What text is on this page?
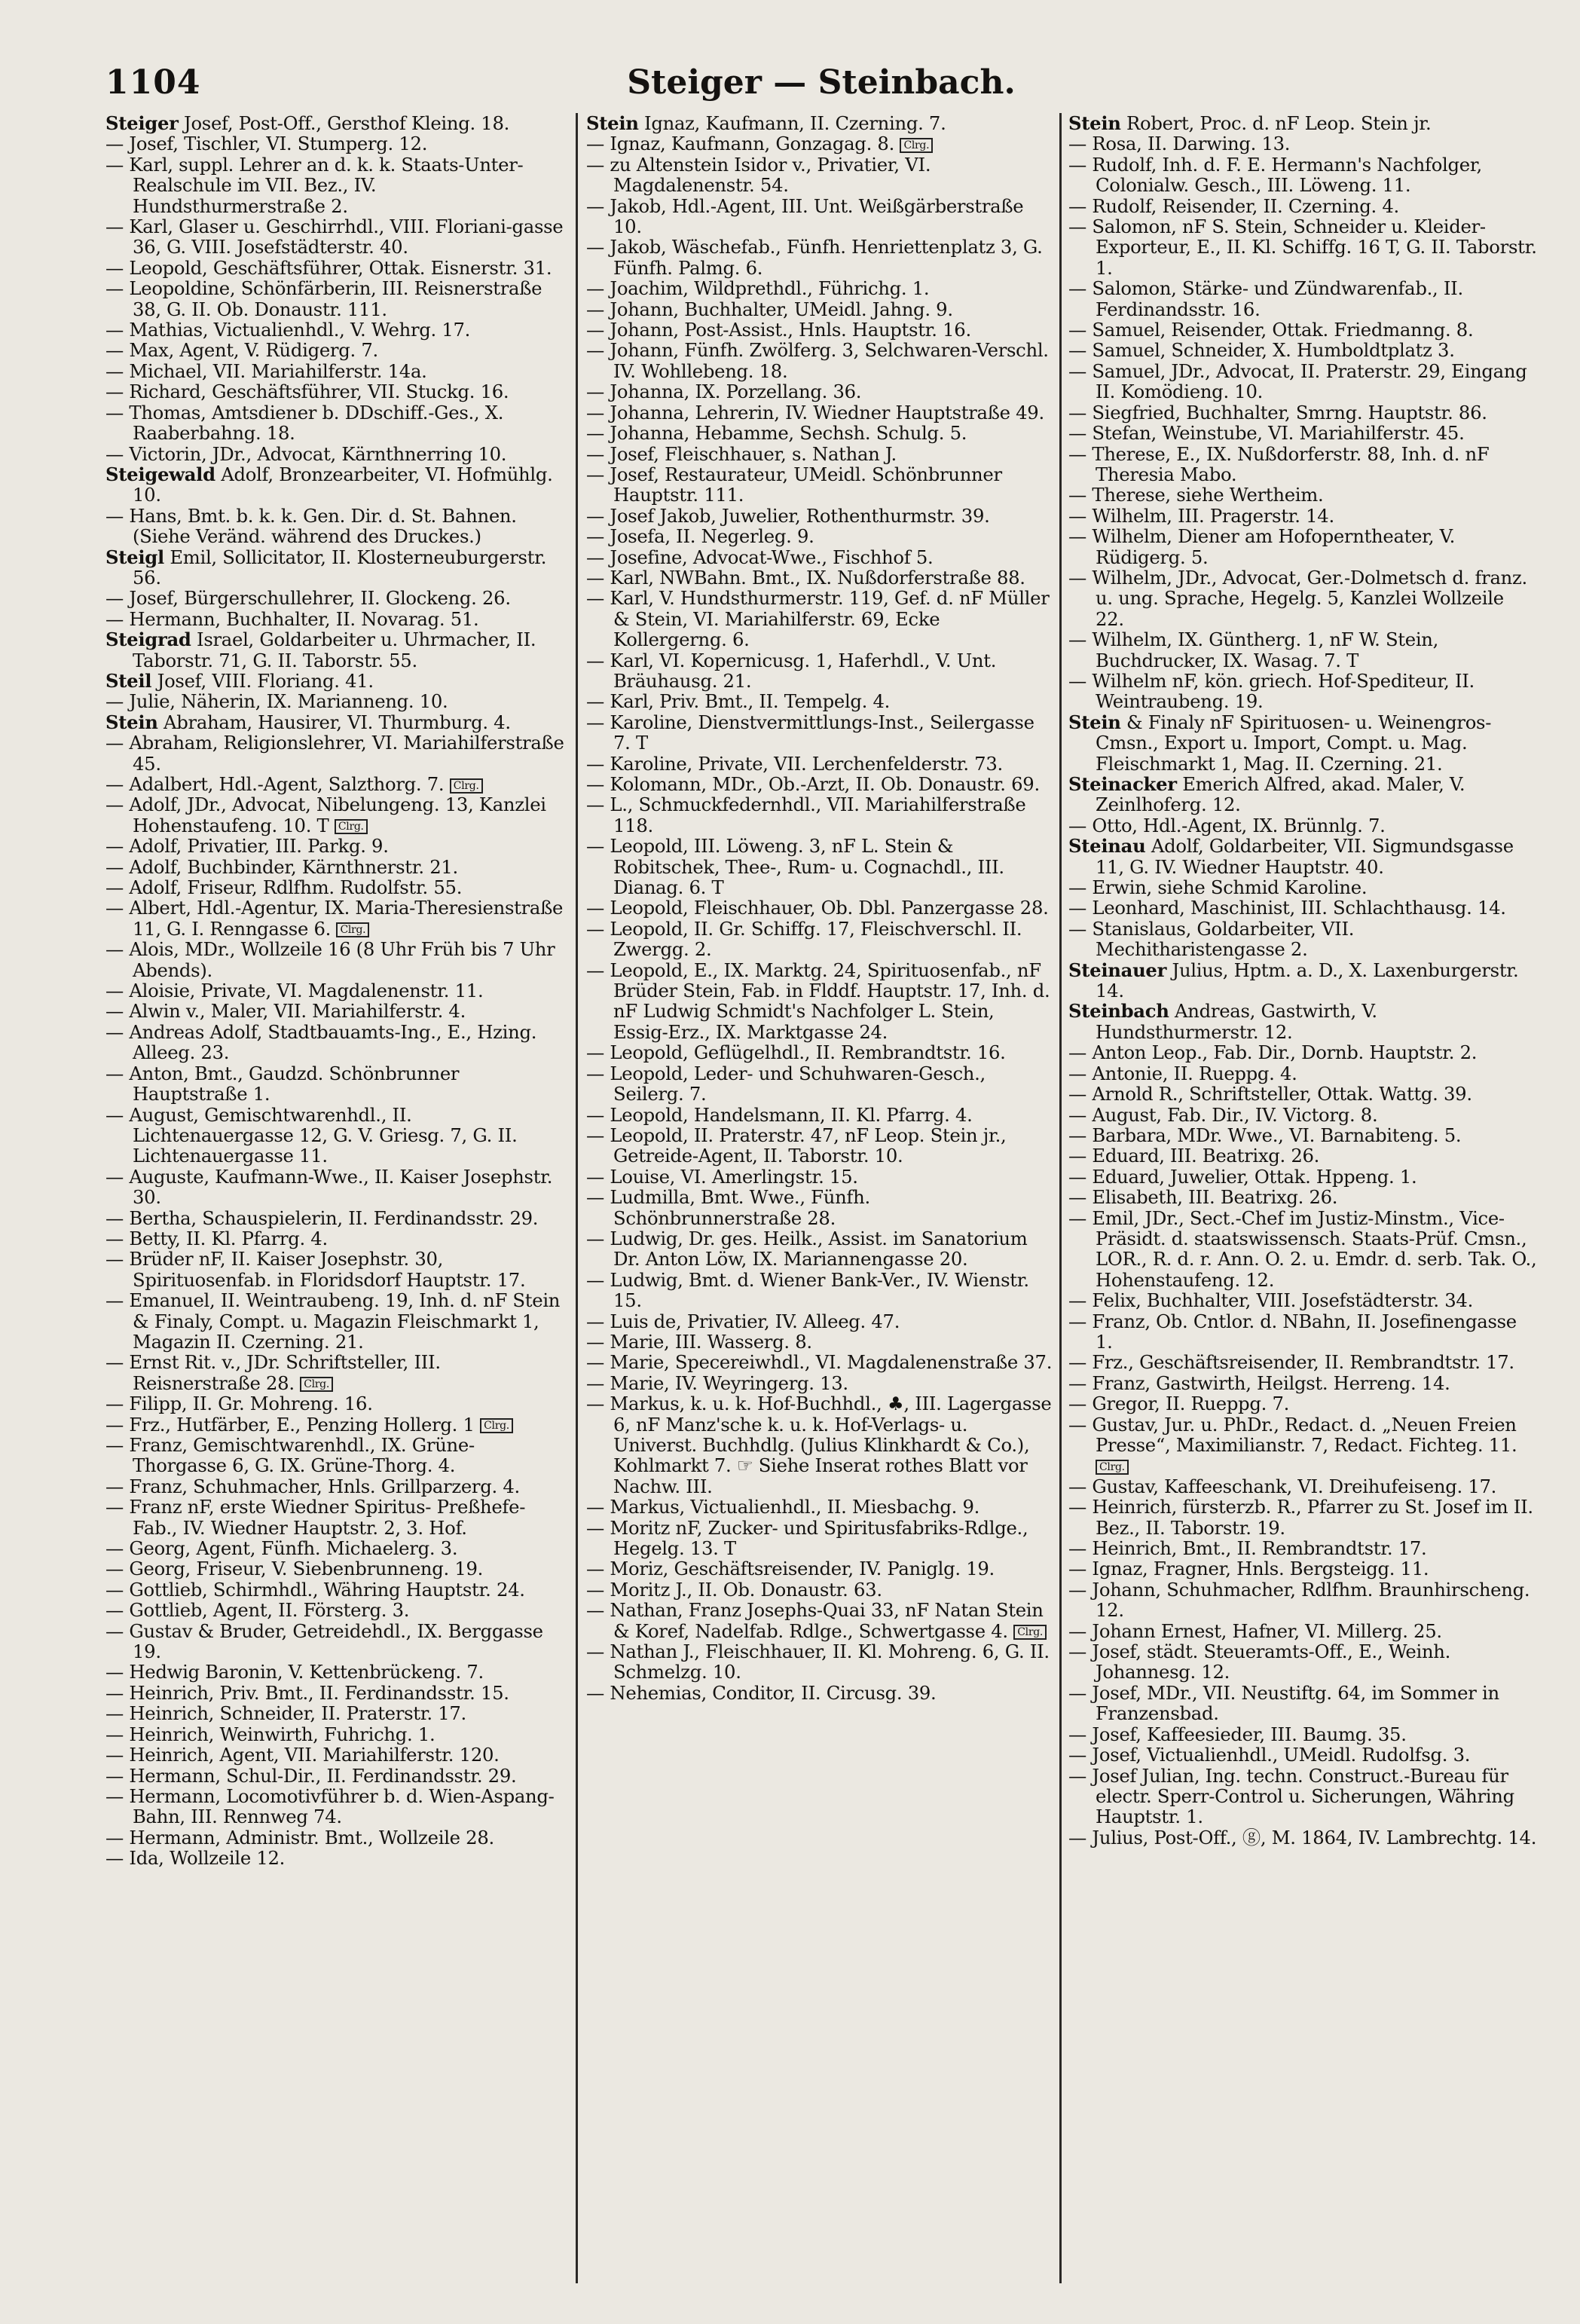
1104	Steiger — Steinbach.
Steiger Josef, Post-Off., Gersthof Kleing. 18.
— Josef, Tischler, VI. Stumperg. 12.
— Karl, suppl. Lehrer an d. k. k. Staats-Unter-Realschule im VII. Bez., IV. Hundsthurmerstraße 2.
— Karl, Glaser u. Geschirrhdl., VIII. Floriani-gasse 36, G. VIII. Josefstädterstr. 40.
— Leopold, Geschäftsführer, Ottak. Eisnerstr. 31.
— Leopoldine, Schönfärberin, III. Reisnerstraße 38, G. II. Ob. Donaustr. 111.
— Mathias, Victualienhdl., V. Wehrg. 17.
— Max, Agent, V. Rüdigerg. 7.
— Michael, VII. Mariahilferstr. 14a.
— Richard, Geschäftsführer, VII. Stuckg. 16.
— Thomas, Amtsdiener b. DDschiff.-Ges., X. Raaberbahng. 18.
— Victorin, JDr., Advocat, Kärnthnerring 10.
Steigewald Adolf, Bronzearbeiter, VI. Hofmühlg. 10.
— Hans, Bmt. b. k. k. Gen. Dir. d. St. Bahnen. (Siehe Veränd. während des Druckes.)
Steigl Emil, Sollicitator, II. Klosterneuburgerstr. 56.
— Josef, Bürgerschullehrer, II. Glockeng. 26.
— Hermann, Buchhalter, II. Novarag. 51.
Steigrad Israel, Goldarbeiter u. Uhrmacher, II. Taborstr. 71, G. II. Taborstr. 55.
Steil Josef, VIII. Floriang. 41.
— Julie, Näherin, IX. Marianneng. 10.
Stein Abraham, Hausirer, VI. Thurmburg. 4.
— Abraham, Religionslehrer, VI. Mariahilferstraße 45.
— Adalbert, Hdl.-Agent, Salzthorg. 7. Clrg.
— Adolf, JDr., Advocat, Nibelungeng. 13, Kanzlei Hohenstaufeng. 10. T Clrg.
— Adolf, Privatier, III. Parkg. 9.
— Adolf, Buchbinder, Kärnthnerstr. 21.
— Adolf, Friseur, Rdlfhm. Rudolfstr. 55.
— Albert, Hdl.-Agentur, IX. Maria-Theresienstraße 11, G. I. Renngasse 6. Clrg.
— Alois, MDr., Wollzeile 16 (8 Uhr Früh bis 7 Uhr Abends).
— Aloisie, Private, VI. Magdalenenstr. 11.
— Alwin v., Maler, VII. Mariahilferstr. 4.
— Andreas Adolf, Stadtbauamts-Ing., E., Hzing. Alleeg. 23.
— Anton, Bmt., Gaudzd. Schönbrunner Hauptstraße 1.
— August, Gemischtwarenhdl., II. Lichtenauergasse 12, G. V. Griesg. 7, G. II. Lichtenauergasse 11.
— Auguste, Kaufmann-Wwe., II. Kaiser Josephstr. 30.
— Bertha, Schauspielerin, II. Ferdinandsstr. 29.
— Betty, II. Kl. Pfarrg. 4.
— Brüder nF, II. Kaiser Josephstr. 30, Spirituosenfab. in Floridsdorf Hauptstr. 17.
— Emanuel, II. Weintraubeng. 19, Inh. d. nF Stein & Finaly, Compt. u. Magazin Fleischmarkt 1, Magazin II. Czerning. 21.
— Ernst Rit. v., JDr. Schriftsteller, III. Reisnerstraße 28. Clrg.
— Filipp, II. Gr. Mohreng. 16.
— Frz., Hutfärber, E., Penzing Hollerg. 1 Clrg.
— Franz, Gemischtwarenhdl., IX. Grüne-Thorgasse 6, G. IX. Grüne-Thorg. 4.
— Franz, Schuhmacher, Hnls. Grillparzerg. 4.
— Franz nF, erste Wiedner Spiritus- Preßhefe-Fab., IV. Wiedner Hauptstr. 2, 3. Hof.
— Georg, Agent, Fünfh. Michaelerg. 3.
— Georg, Friseur, V. Siebenbrunneng. 19.
— Gottlieb, Schirmhdl., Währing Hauptstr. 24.
— Gottlieb, Agent, II. Försterg. 3.
— Gustav & Bruder, Getreidehdl., IX. Berggasse 19.
— Hedwig Baronin, V. Kettenbrückeng. 7.
— Heinrich, Priv. Bmt., II. Ferdinandsstr. 15.
— Heinrich, Schneider, II. Praterstr. 17.
— Heinrich, Weinwirth, Fuhrichg. 1.
— Heinrich, Agent, VII. Mariahilferstr. 120.
— Hermann, Schul-Dir., II. Ferdinandsstr. 29.
— Hermann, Locomotivführer b. d. Wien-Aspang-Bahn, III. Rennweg 74.
— Hermann, Administr. Bmt., Wollzeile 28.
— Ida, Wollzeile 12.
Stein Ignaz, Kaufmann, II. Czerning. 7.
— Ignaz, Kaufmann, Gonzagag. 8. Clrg.
— zu Altenstein Isidor v., Privatier, VI. Magdalenenstr. 54.
— Jakob, Hdl.-Agent, III. Unt. Weißgärberstraße 10.
— Jakob, Wäschefab., Fünfh. Henriettenplatz 3, G. Fünfh. Palmg. 6.
— Joachim, Wildprethdl., Führichg. 1.
— Johann, Buchhalter, UMeidl. Jahng. 9.
— Johann, Post-Assist., Hnls. Hauptstr. 16.
— Johann, Fünfh. Zwölferg. 3, Selchwaren-Verschl. IV. Wohllebeng. 18.
— Johanna, IX. Porzellang. 36.
— Johanna, Lehrerin, IV. Wiedner Hauptstraße 49.
— Johanna, Hebamme, Sechsh. Schulg. 5.
— Josef, Fleischhauer, s. Nathan J.
— Josef, Restaurateur, UMeidl. Schönbrunner Hauptstr. 111.
— Josef Jakob, Juwelier, Rothenthurmstr. 39.
— Josefa, II. Negerleg. 9.
— Josefine, Advocat-Wwe., Fischhof 5.
— Karl, NWBahn. Bmt., IX. Nußdorferstraße 88.
— Karl, V. Hundsthurmerstr. 119, Gef. d. nF Müller & Stein, VI. Mariahilferstr. 69, Ecke Kollergerng. 6.
— Karl, VI. Kopernicusg. 1, Haferhdl., V. Unt. Bräuhausg. 21.
— Karl, Priv. Bmt., II. Tempelg. 4.
— Karoline, Dienstvermittlungs-Inst., Seilergasse 7. T
— Karoline, Private, VII. Lerchenfelderstr. 73.
— Kolomann, MDr., Ob.-Arzt, II. Ob. Donaustr. 69.
— L., Schmuckfedernhdl., VII. Mariahilferstraße 118.
— Leopold, III. Löweng. 3, nF L. Stein & Robitschek, Thee-, Rum- u. Cognachdl., III. Dianag. 6. T
— Leopold, Fleischhauer, Ob. Dbl. Panzergasse 28.
— Leopold, II. Gr. Schiffg. 17, Fleischverschl. II. Zwergg. 2.
— Leopold, E., IX. Marktg. 24, Spirituosenfab., nF Brüder Stein, Fab. in Flddf. Hauptstr. 17, Inh. d. nF Ludwig Schmidt's Nachfolger L. Stein, Essig-Erz., IX. Marktgasse 24.
— Leopold, Geflügelhdl., II. Rembrandtstr. 16.
— Leopold, Leder- und Schuhwaren-Gesch., Seilerg. 7.
— Leopold, Handelsmann, II. Kl. Pfarrg. 4.
— Leopold, II. Praterstr. 47, nF Leop. Stein jr., Getreide-Agent, II. Taborstr. 10.
— Louise, VI. Amerlingstr. 15.
— Ludmilla, Bmt. Wwe., Fünfh. Schönbrunnerstraße 28.
— Ludwig, Dr. ges. Heilk., Assist. im Sanatorium Dr. Anton Löw, IX. Mariannengasse 20.
— Ludwig, Bmt. d. Wiener Bank-Ver., IV. Wienstr. 15.
— Luis de, Privatier, IV. Alleeg. 47.
— Marie, III. Wasserg. 8.
— Marie, Specereiwhdl., VI. Magdalenenstraße 37.
— Marie, IV. Weyringerg. 13.
— Markus, k. u. k. Hof-Buchhdl., ♣, III. Lagergasse 6, nF Manz'sche k. u. k. Hof-Verlags- u. Universt. Buchhdlg. (Julius Klinkhardt & Co.), Kohlmarkt 7. ☞ Siehe Inserat rothes Blatt vor Nachw. III.
— Markus, Victualienhdl., II. Miesbachg. 9.
— Moritz nF, Zucker- und Spiritusfabriks-Rdlge., Hegelg. 13. T
— Moriz, Geschäftsreisender, IV. Paniglg. 19.
— Moritz J., II. Ob. Donaustr. 63.
— Nathan, Franz Josephs-Quai 33, nF Natan Stein & Koref, Nadelfab. Rdlge., Schwertgasse 4. Clrg.
— Nathan J., Fleischhauer, II. Kl. Mohreng. 6, G. II. Schmelzg. 10.
— Nehemias, Conditor, II. Circusg. 39.
Stein Robert, Proc. d. nF Leop. Stein jr.
— Rosa, II. Darwing. 13.
— Rudolf, Inh. d. F. E. Hermann's Nachfolger, Colonialw. Gesch., III. Löweng. 11.
— Rudolf, Reisender, II. Czerning. 4.
— Salomon, nF S. Stein, Schneider u. Kleider-Exporteur, E., II. Kl. Schiffg. 16 T, G. II. Taborstr. 1.
— Salomon, Stärke- und Zündwarenfab., II. Ferdinandsstr. 16.
— Samuel, Reisender, Ottak. Friedmanng. 8.
— Samuel, Schneider, X. Humboldtplatz 3.
— Samuel, JDr., Advocat, II. Praterstr. 29, Eingang II. Komödieng. 10.
— Siegfried, Buchhalter, Smrng. Hauptstr. 86.
— Stefan, Weinstube, VI. Mariahilferstr. 45.
— Therese, E., IX. Nußdorferstr. 88, Inh. d. nF Theresia Mabo.
— Therese, siehe Wertheim.
— Wilhelm, III. Pragerstr. 14.
— Wilhelm, Diener am Hofoperntheater, V. Rüdigerg. 5.
— Wilhelm, JDr., Advocat, Ger.-Dolmetsch d. franz. u. ung. Sprache, Hegelg. 5, Kanzlei Wollzeile 22.
— Wilhelm, IX. Güntherg. 1, nF W. Stein, Buchdrucker, IX. Wasag. 7. T
— Wilhelm nF, kön. griech. Hof-Spediteur, II. Weintraubeng. 19.
Stein & Finaly nF Spirituosen- u. Weinengros-Cmsn., Export u. Import, Compt. u. Mag. Fleischmarkt 1, Mag. II. Czerning. 21.
Steinacker Emerich Alfred, akad. Maler, V. Zeinlhoferg. 12.
— Otto, Hdl.-Agent, IX. Brünnlg. 7.
Steinau Adolf, Goldarbeiter, VII. Sigmundsgasse 11, G. IV. Wiedner Hauptstr. 40.
— Erwin, siehe Schmid Karoline.
— Leonhard, Maschinist, III. Schlachthausg. 14.
— Stanislaus, Goldarbeiter, VII. Mechitharistengasse 2.
Steinauer Julius, Hptm. a. D., X. Laxenburgerstr. 14.
Steinbach Andreas, Gastwirth, V. Hundsthurmerstr. 12.
— Anton Leop., Fab. Dir., Dornb. Hauptstr. 2.
— Antonie, II. Rueppg. 4.
— Arnold R., Schriftsteller, Ottak. Wattg. 39.
— August, Fab. Dir., IV. Victorg. 8.
— Barbara, MDr. Wwe., VI. Barnabiteng. 5.
— Eduard, III. Beatrixg. 26.
— Eduard, Juwelier, Ottak. Hppeng. 1.
— Elisabeth, III. Beatrixg. 26.
— Emil, JDr., Sect.-Chef im Justiz-Minstm., Vice-Präsidt. d. staatswissensch. Staats-Prüf. Cmsn., LOR., R. d. r. Ann. O. 2. u. Emdr. d. serb. Tak. O., Hohenstaufeng. 12.
— Felix, Buchhalter, VIII. Josefstädterstr. 34.
— Franz, Ob. Cntlor. d. NBahn, II. Josefinengasse 1.
— Frz., Geschäftsreisender, II. Rembrandtstr. 17.
— Franz, Gastwirth, Heilgst. Herreng. 14.
— Gregor, II. Rueppg. 7.
— Gustav, Jur. u. PhDr., Redact. d. „Neuen Freien Presse“, Maximilianstr. 7, Redact. Fichteg. 11. Clrg.
— Gustav, Kaffeeschank, VI. Dreihufeiseng. 17.
— Heinrich, fürsterzb. R., Pfarrer zu St. Josef im II. Bez., II. Taborstr. 19.
— Heinrich, Bmt., II. Rembrandtstr. 17.
— Ignaz, Fragner, Hnls. Bergsteigg. 11.
— Johann, Schuhmacher, Rdlfhm. Braunhirscheng. 12.
— Johann Ernest, Hafner, VI. Millerg. 25.
— Josef, städt. Steueramts-Off., E., Weinh. Johannesg. 12.
— Josef, MDr., VII. Neustiftg. 64, im Sommer in Franzensbad.
— Josef, Kaffeesieder, III. Baumg. 35.
— Josef, Victualienhdl., UMeidl. Rudolfsg. 3.
— Josef Julian, Ing. techn. Construct.-Bureau für electr. Sperr-Control u. Sicherungen, Währing Hauptstr. 1.
— Julius, Post-Off., ⓖ, M. 1864, IV. Lambrechtg. 14.
